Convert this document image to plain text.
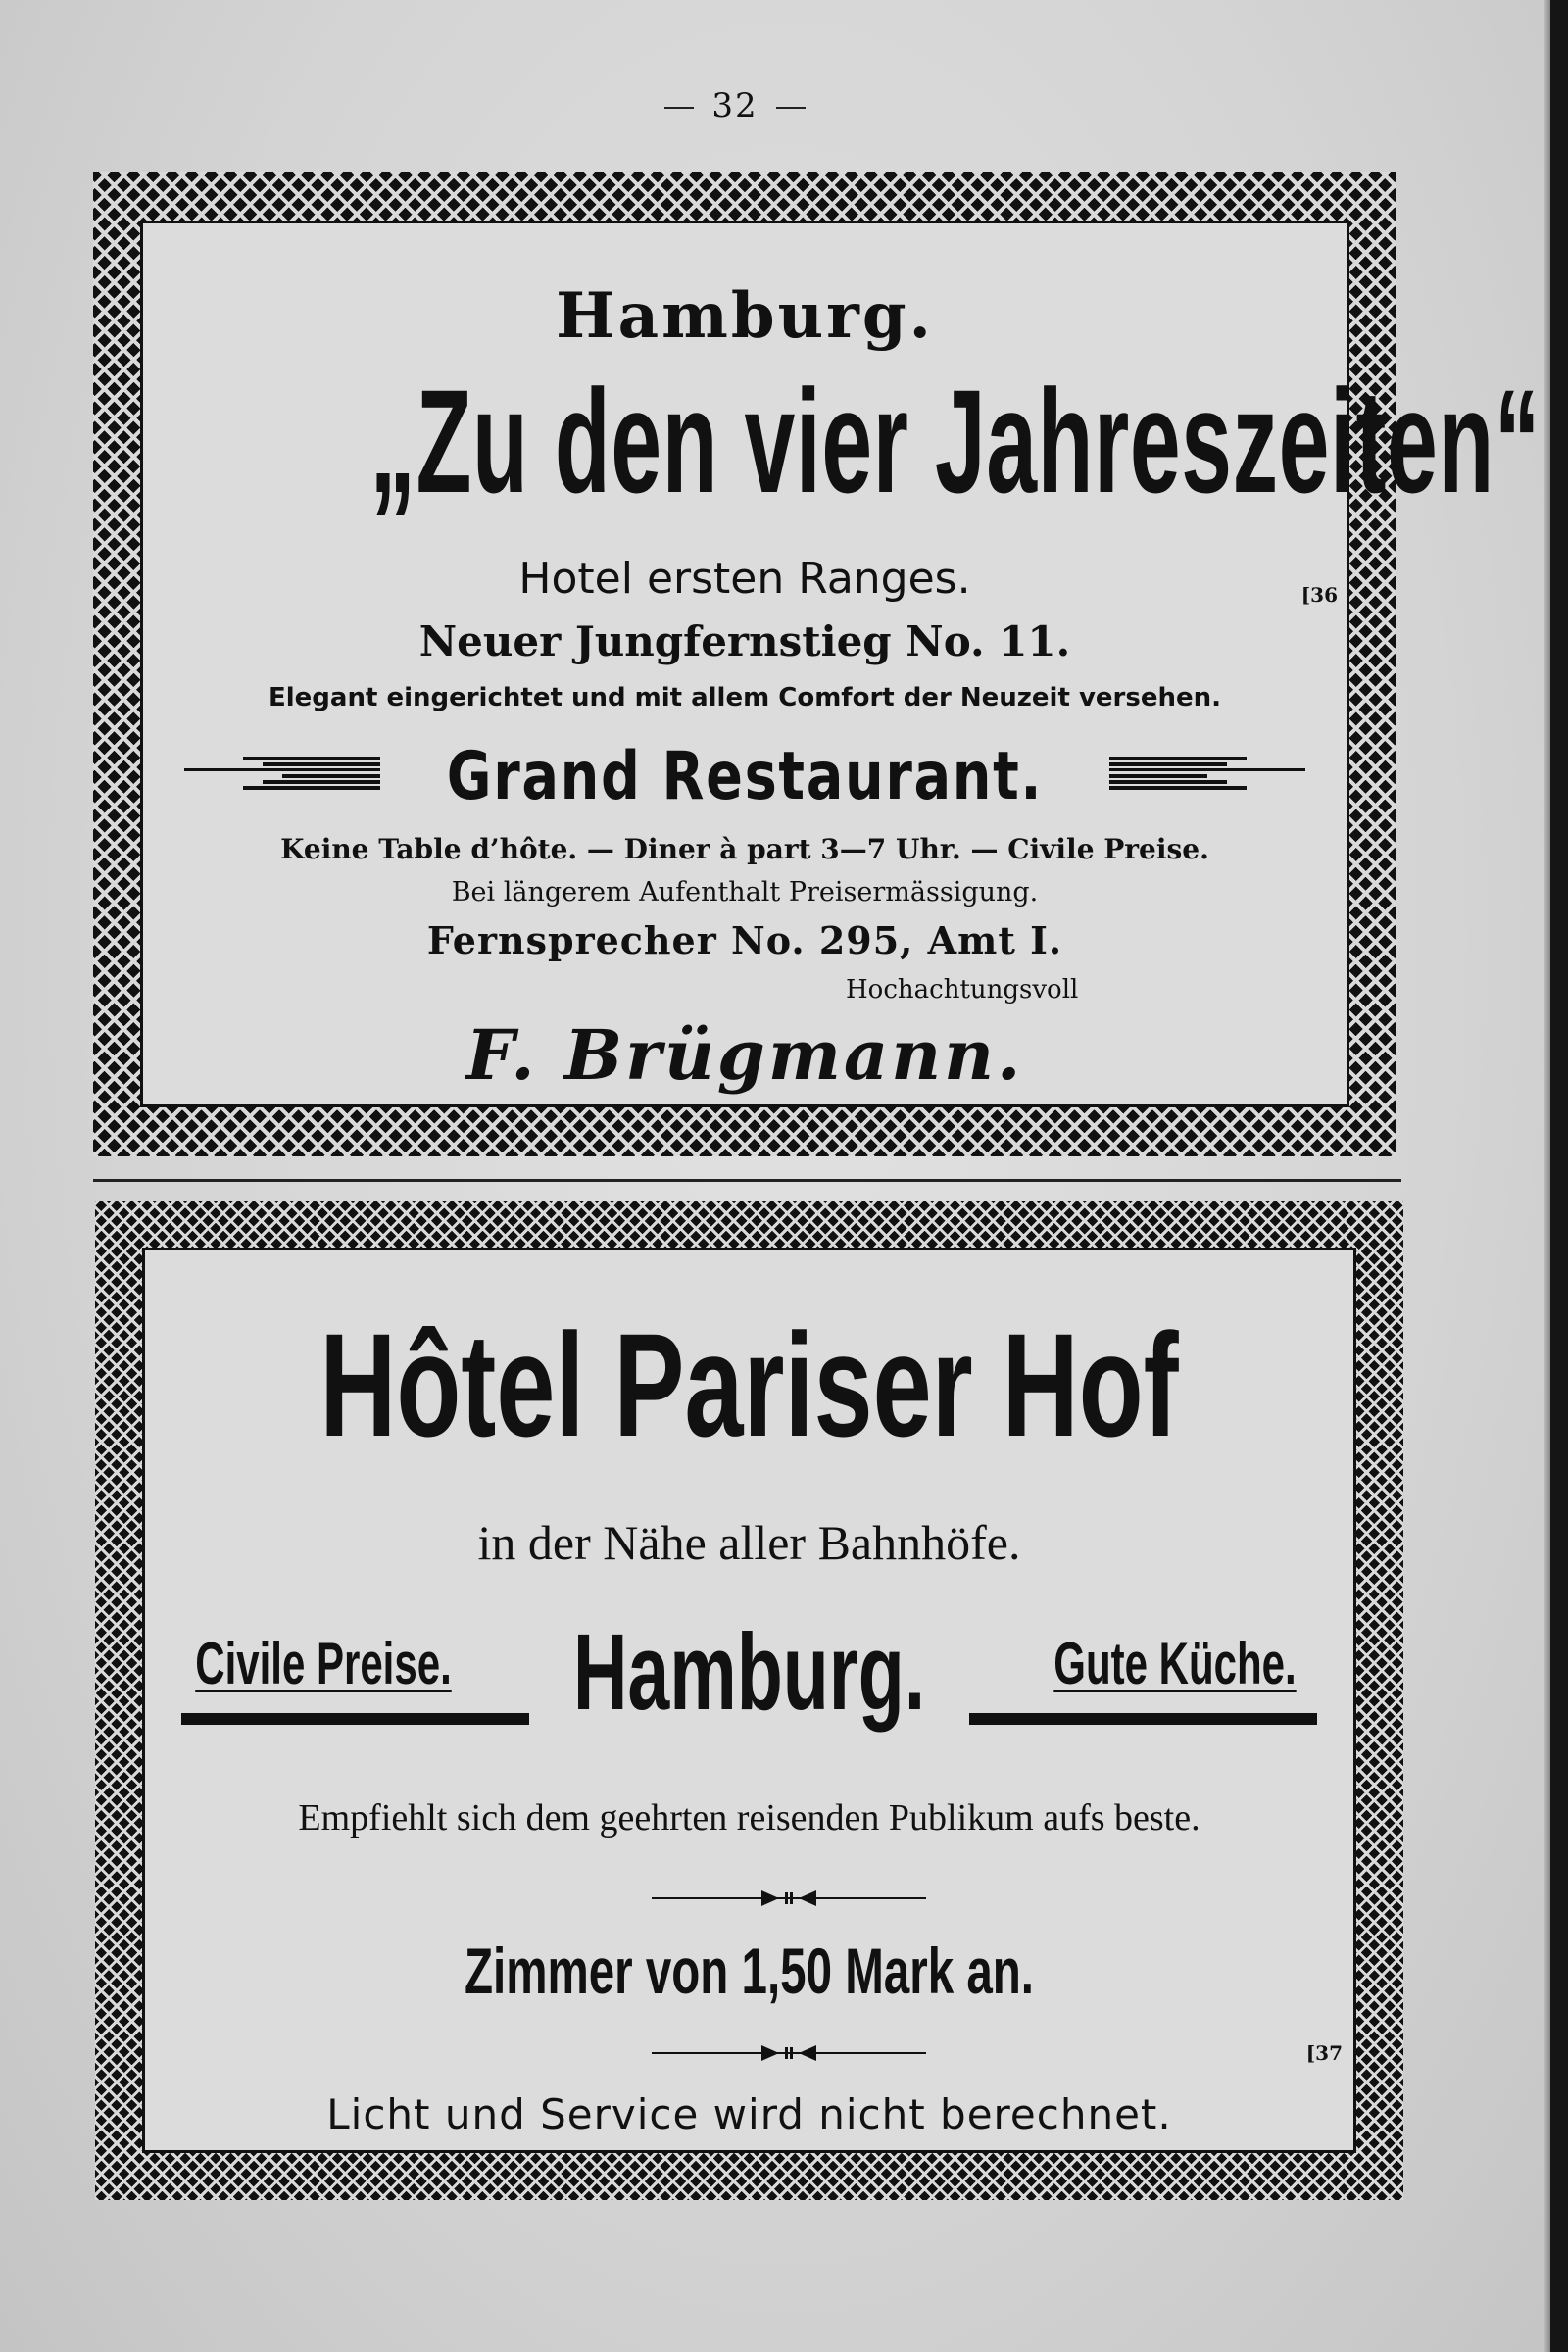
32
Hamburg.
„Zu den vier Jahreszeiten“
Hotel ersten Ranges.	[36
Neuer Jungfernstieg No. 11.
Elegant eingerichtet und mit allem Comfort der Neuzeit versehen.
Grand Restaurant.
Keine Table d’hôte. — Diner à part 3—7 Uhr. — Civile Preise.
Bei längerem Aufenthalt Preisermässigung.
Fernsprecher No. 295, Amt I.
Hochachtungsvoll
F. Brügmann.
Hôtel Pariser Hof
in der Nähe aller Bahnhöfe.
Civile Preise.	Hamburg.	Gute Küche.
Empfiehlt sich dem geehrten reisenden Publikum aufs beste.
Zimmer von 1,50 Mark an.
[37
Licht und Service wird nicht berechnet.
